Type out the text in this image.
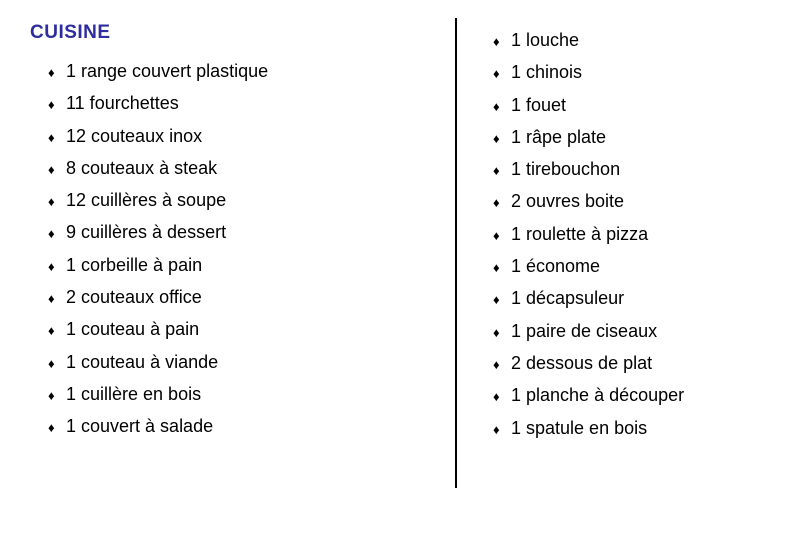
CUISINE
♦ 1 range couvert plastique
♦ 11 fourchettes
♦ 12 couteaux inox
♦ 8 couteaux à steak
♦ 12 cuillères à soupe
♦ 9 cuillères à dessert
♦ 1 corbeille à pain
♦ 2 couteaux office
♦ 1 couteau à pain
♦ 1 couteau à viande
♦ 1 cuillère en bois
♦ 1 couvert à salade
♦ 1 louche
♦ 1 chinois
♦ 1 fouet
♦ 1 râpe plate
♦ 1 tirebouchon
♦ 2 ouvres boite
♦ 1 roulette à pizza
♦ 1 économe
♦ 1 décapsuleur
♦ 1 paire de ciseaux
♦ 2 dessous de plat
♦ 1 planche à découper
♦ 1 spatule en bois
